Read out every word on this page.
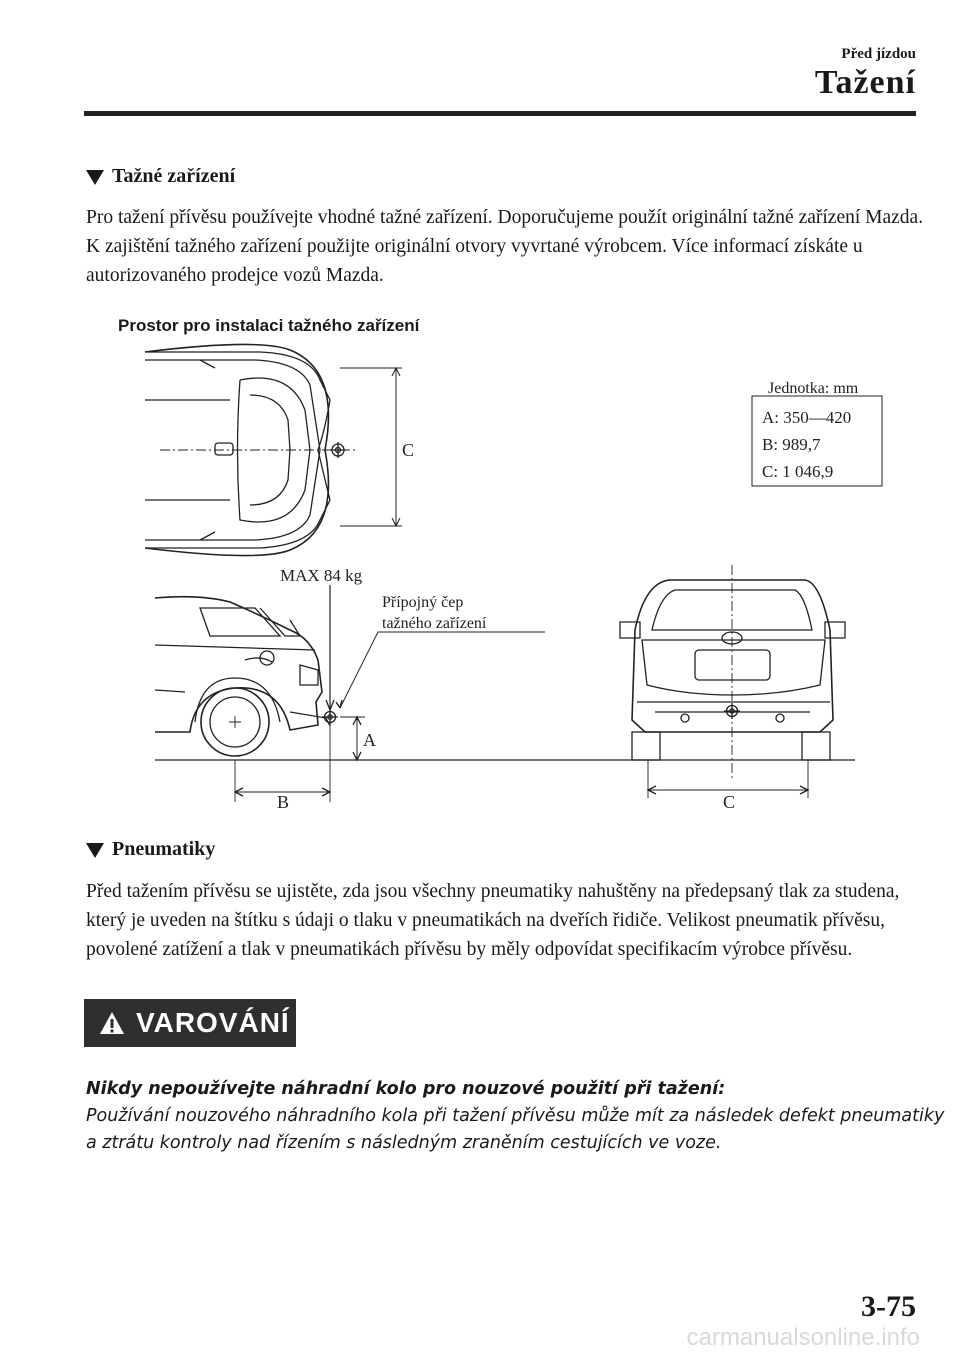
Před jízdou
Tažení
Tažné zařízení
Pro tažení přívěsu používejte vhodné tažné zařízení. Doporučujeme použít originální tažné zařízení Mazda. K zajištění tažného zařízení použijte originální otvory vyvrtané výrobcem. Více informací získáte u autorizovaného prodejce vozů Mazda.
Prostor pro instalaci tažného zařízení
C
Jednotka: mm
A: 350—420
B: 989,7
C: 1 046,9
MAX 84 kg
Přípojný čep
tažného zařízení
A
B	C
Pneumatiky
Před tažením přívěsu se ujistěte, zda jsou všechny pneumatiky nahuštěny na předepsaný tlak za studena, který je uveden na štítku s údaji o tlaku v pneumatikách na dveřích řidiče. Velikost pneumatik přívěsu, povolené zatížení a tlak v pneumatikách přívěsu by měly odpovídat specifikacím výrobce přívěsu.
VAROVÁNÍ
Nikdy nepoužívejte náhradní kolo pro nouzové použití při tažení:
Používání nouzového náhradního kola při tažení přívěsu může mít za následek defekt pneumatiky a ztrátu kontroly nad řízením s následným zraněním cestujících ve voze.
3-75
carmanualsonline.info
